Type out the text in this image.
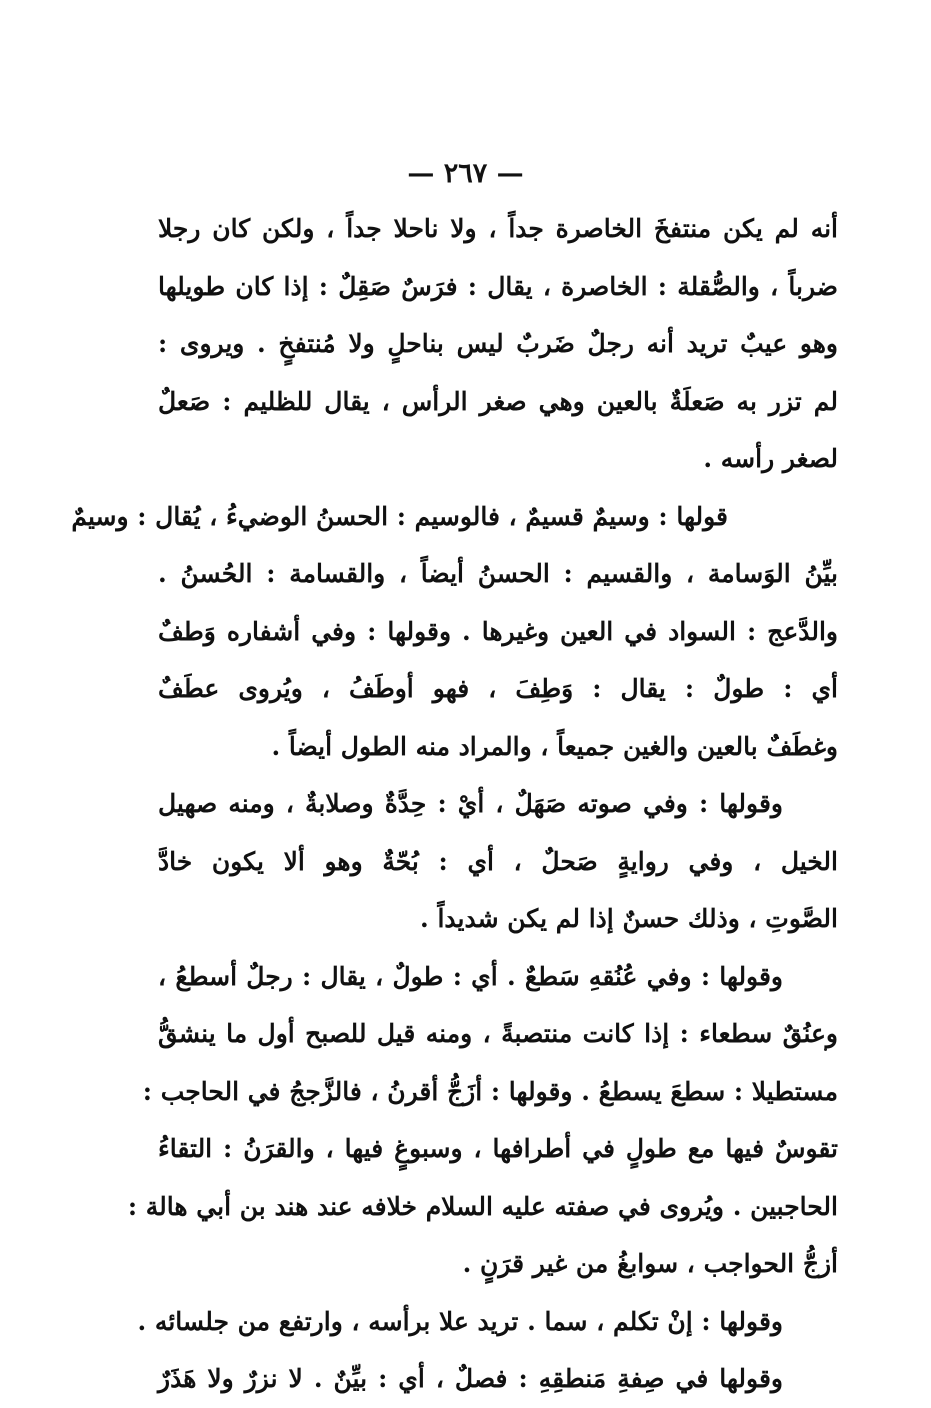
— ٢٦٧ —
أنه لم يكن منتفخَ الخاصرة جداً ، ولا ناحلا جداً ، ولكن كان رجلا
ضرباً ، والصُّقلة : الخاصرة ، يقال : فرَسٌ صَقِلٌ : إذا كان طويلها
وهو عيبٌ تريد أنه رجلٌ ضَربٌ ليس بناحلٍ ولا مُنتفخٍ . ويروى :
لم تزر به صَعلَةٌ بالعين وهي صغر الرأس ، يقال للظليم : صَعلٌ
لصغر رأسه .
قولها : وسيمٌ قسيمٌ ، فالوسيم : الحسنُ الوضيءُ ، يُقال : وسيمٌ
بيِّنُ الوَسامة ، والقسيم : الحسنُ أيضاً ، والقسامة : الحُسنُ .
والدَّعج : السواد في العين وغيرها . وقولها : وفي أشفاره وَطفٌ
أي : طولٌ : يقال : وَطِفَ ، فهو أوطَفُ ، ويُروى عطَفٌ
وغطَفٌ بالعين والغين جميعاً ، والمراد منه الطول أيضاً .
وقولها : وفي صوته صَهَلٌ ، أيْ : حِدَّةٌ وصلابةٌ ، ومنه صهيل
الخيل ، وفي روايةٍ صَحلٌ ، أي : بُحّةٌ وهو ألا يكون خادَّ
الصَّوتِ ، وذلك حسنٌ إذا لم يكن شديداً .
وقولها : وفي عُنُقهِ سَطعٌ . أي : طولٌ ، يقال : رجلٌ أسطعُ ،
وعنُقٌ سطعاء : إذا كانت منتصبةً ، ومنه قيل للصبح أول ما ينشقُّ
مستطيلا : سطعَ يسطعُ . وقولها : أزَجُّ أقرنُ ، فالزَّججُ في الحاجب :
تقوسٌ فيها مع طولٍ في أطرافها ، وسبوغٍ فيها ، والقرَنُ : التقاءُ
الحاجبين . ويُروى في صفته عليه السلام خلافه عند هند بن أبي هالة :
أزجُّ الحواجب ، سوابغُ من غير قرَنٍ .
وقولها : إنْ تكلم ، سما . تريد علا برأسه ، وارتفع من جلسائه .
وقولها في صِفةِ مَنطقِهِ : فصلٌ ، أي : بيِّنٌ . لا نزرٌ ولا هَذَرٌ
